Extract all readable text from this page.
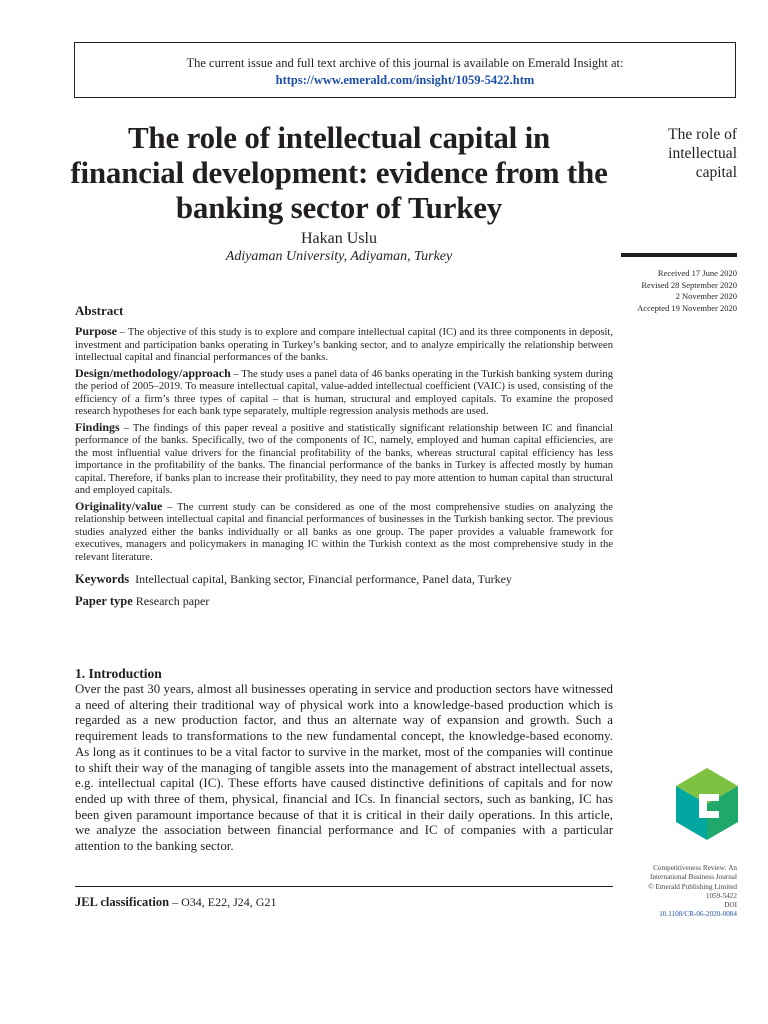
The current issue and full text archive of this journal is available on Emerald Insight at:
https://www.emerald.com/insight/1059-5422.htm
The role of intellectual capital in financial development: evidence from the banking sector of Turkey
The role of
intellectual
capital
Received 17 June 2020
Revised 28 September 2020
2 November 2020
Accepted 19 November 2020
Hakan Uslu
Adiyaman University, Adiyaman, Turkey
Abstract

Purpose – The objective of this study is to explore and compare intellectual capital (IC) and its three components in deposit, investment and participation banks operating in Turkey’s banking sector, and to analyze empirically the relationship between intellectual capital and financial performances of the banks.

Design/methodology/approach – The study uses a panel data of 46 banks operating in the Turkish banking system during the period of 2005–2019. To measure intellectual capital, value-added intellectual coefficient (VAIC) is used, consisting of the efficiency of a firm’s three types of capital – that is human, structural and employed capitals. To examine the proposed research hypotheses for each bank type separately, multiple regression analysis methods are used.

Findings – The findings of this paper reveal a positive and statistically significant relationship between IC and financial performance of the banks. Specifically, two of the components of IC, namely, employed and human capital efficiencies, are the most influential value drivers for the financial profitability of the banks, whereas structural capital efficiency has less importance in the profitability of the banks. The financial performance of the banks in Turkey is affected mostly by human capital. Therefore, if banks plan to increase their profitability, they need to pay more attention to human capital than structural and employed capitals.

Originality/value – The current study can be considered as one of the most comprehensive studies on analyzing the relationship between intellectual capital and financial performances of businesses in the Turkish banking sector. The previous studies analyzed either the banks individually or all banks as one group. The paper provides a valuable framework for executives, managers and policymakers in managing IC within the Turkish context as the most comprehensive study in the relevant literature.

Keywords Intellectual capital, Banking sector, Financial performance, Panel data, Turkey
Paper type Research paper
1. Introduction

Over the past 30 years, almost all businesses operating in service and production sectors have witnessed a need of altering their traditional way of physical work into a knowledge-based production which is regarded as a new production factor, and thus an alternate way of expansion and growth. Such a requirement leads to transformations to the new fundamental concept, the knowledge-based economy. As long as it continues to be a vital factor to survive in the market, most of the companies will continue to shift their way of the managing of tangible assets into the management of abstract intellectual assets, e.g. intellectual capital (IC). These efforts have caused distinctive definitions of capitals and for now ended up with three of them, physical, financial and ICs. In financial sectors, such as banking, IC has been given paramount importance because of that it is critical in their daily operations. In this article, we analyze the association between financial performance and IC of companies with a particular attention to the banking sector.

JEL classification – O34, E22, J24, G21
Competitiveness Review: An
International Business Journal
© Emerald Publishing Limited
1059-5422
DOI
10.1108/CR-06-2020-0084
